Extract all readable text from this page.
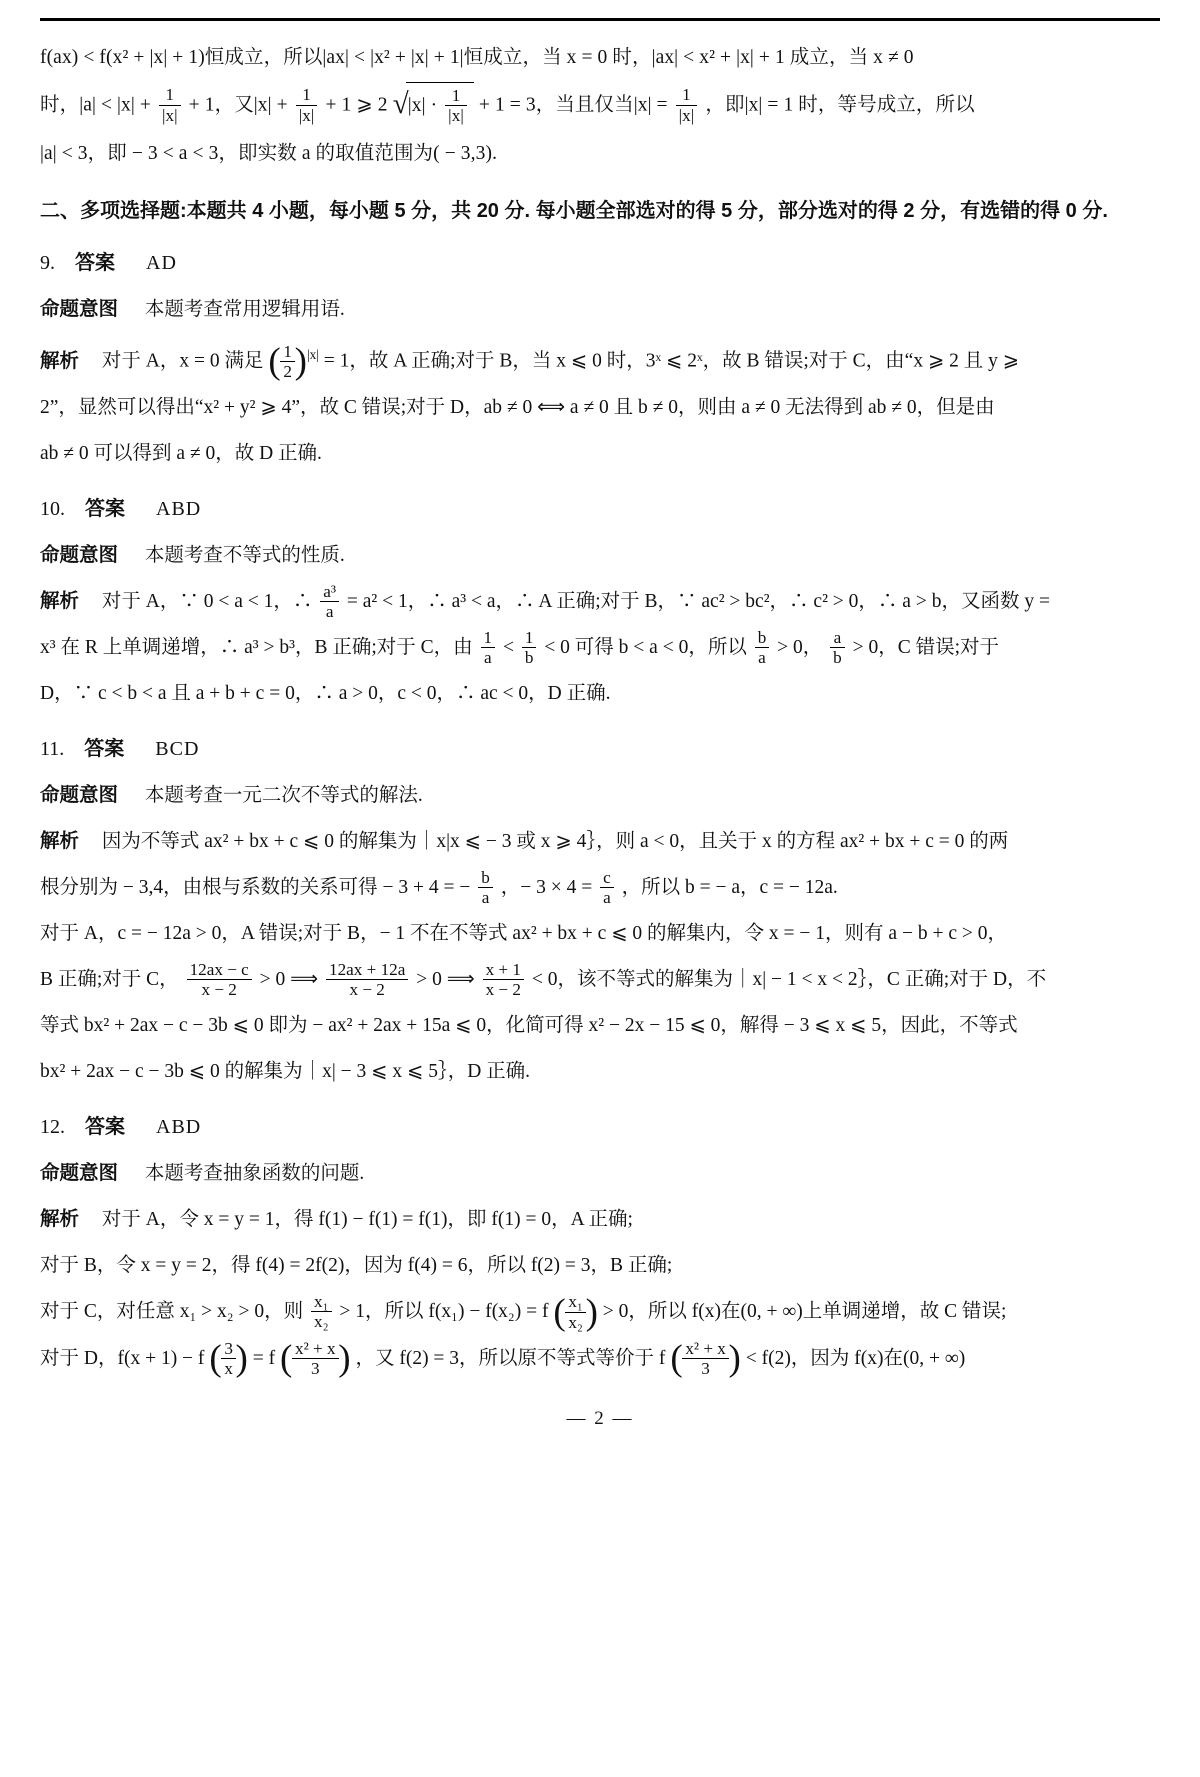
f(ax) < f(x² + |x| + 1)恒成立，所以|ax| < |x² + |x| + 1|恒成立，当 x = 0 时，|ax| < x² + |x| + 1 成立，当 x ≠ 0
时，$|a| < |x| + \frac{1}{|x|} + 1$，又$|x| + \frac{1}{|x|} + 1$ ⩾ 2 $√|x| \cdot \frac{1}{|x|} + 1 = 3$，当且仅当$|x| = \frac{1}{|x|}$ ，即|x| = 1 时，等号成立，所以
|a| < 3，即 − 3 < a < 3，即实数 a 的取值范围为( − 3,3).
二、多项选择题:本题共 4 小题，每小题 5 分，共 20 分. 每小题全部选对的得 5 分，部分选对的得 2 分，有选错的得 0 分.
9. 答案 AD
命题意图 本题考查常用逻辑用语.
解析 对于 A，x = 0 满足 ( $\frac{1}{2}$
) $^{|x|}$ = 1，故 A 正确;对于 B，当 x ⩽ 0 时，3ˣ ⩽ 2ˣ，故 B 错误;对于 C，由“x ⩾ 2 且 y ⩾
2”，显然可以得出“x² + y² ⩾ 4”，故 C 错误;对于 D，ab ≠ 0 ⟺ a ≠ 0 且 b ≠ 0，则由 a ≠ 0 无法得到 ab ≠ 0，但是由
ab ≠ 0 可以得到 a ≠ 0，故 D 正确.
10. 答案 ABD
命题意图 本题考查不等式的性质.
解析 对于 A，∵ 0 < a < 1，∴ $\frac{\text{a³}}{a} = a^2 < 1$，∴ a³ < a，∴ A 正确;对于 B，∵ ac² > bc²，∴ c² > 0，∴ a > b，又函数 y =
x³ 在 R 上单调递增，∴ a³ > b³，B 正确;对于 C，由 $\frac{1}{a} < \frac{1}{b} < 0$ 可得 b < a < 0，所以 $\frac{b}{a} > 0$， $\frac{a}{b} > 0$，C 错误;对于
D，∵ c < b < a 且 a + b + c = 0，∴ a > 0，c < 0，∴ ac < 0，D 正确.
11. 答案 BCD
命题意图 本题考查一元二次不等式的解法.
解析 因为不等式 ax² + bx + c ⩽ 0 的解集为｜x|x ⩽ − 3 或 x ⩾ 4｝，则 a < 0，且关于 x 的方程 ax² + bx + c = 0 的两
根分别为 − 3,4，由根与系数的关系可得 − 3 + 4 = − $\frac{b}{a}$ ，− $3 \times 4 = \frac{c}{a}$ ，所以 b = − a，c = − 12a.
对于 A，c = − 12a > 0，A 错误;对于 B，− 1 不在不等式 ax² + bx + c ⩽ 0 的解集内，令 x = − 1，则有 a − b + c > 0，
B 正确;对于 C， $\frac{12ax - c}{x - 2} > 0$ ⟹ $\frac{12ax + 12a}{x - 2} > 0$ ⟹ $\frac{x + 1}{x - 2} < 0$，该不等式的解集为｜x| − 1 < x < 2｝，C 正确;对于 D，不
等式 bx² + 2ax − c − 3b ⩽ 0 即为 − ax² + 2ax + 15a ⩽ 0，化简可得 x² − 2x − 15 ⩽ 0，解得 − 3 ⩽ x ⩽ 5，因此，不等式
bx² + 2ax − c − 3b ⩽ 0 的解集为｜x| − 3 ⩽ x ⩽ 5｝，D 正确.
12. 答案 ABD
命题意图 本题考查抽象函数的问题.
解析 对于 A，令 x = y = 1，得 f(1) − f(1) = f(1)，即 f(1) = 0，A 正确;
对于 B，令 x = y = 2，得 f(4) = 2f(2)，因为 f(4) = 6，所以 f(2) = 3，B 正确;
对于 C，对任意 x₁ > x₂ > 0，则 $\frac{\text{x₁}}{\text{x₂}} > 1$，所以 f(x₁) − f(x₂) = f ( $\frac{\text{x₁}}{\text{x₂}}$
) > 0，所以 f(x)在(0, + ∞)上单调递增，故 C 错误;
对于 D，f(x + 1) − f ( $\frac{3}{x}$
) = f ( $\frac{\text{x² + x}}{3}$
) ，又 f(2) = 3，所以原不等式等价于 f ( $\frac{\text{x² + x}}{3}$
) < f(2)，因为 f(x)在(0, + ∞)
— 2 —
